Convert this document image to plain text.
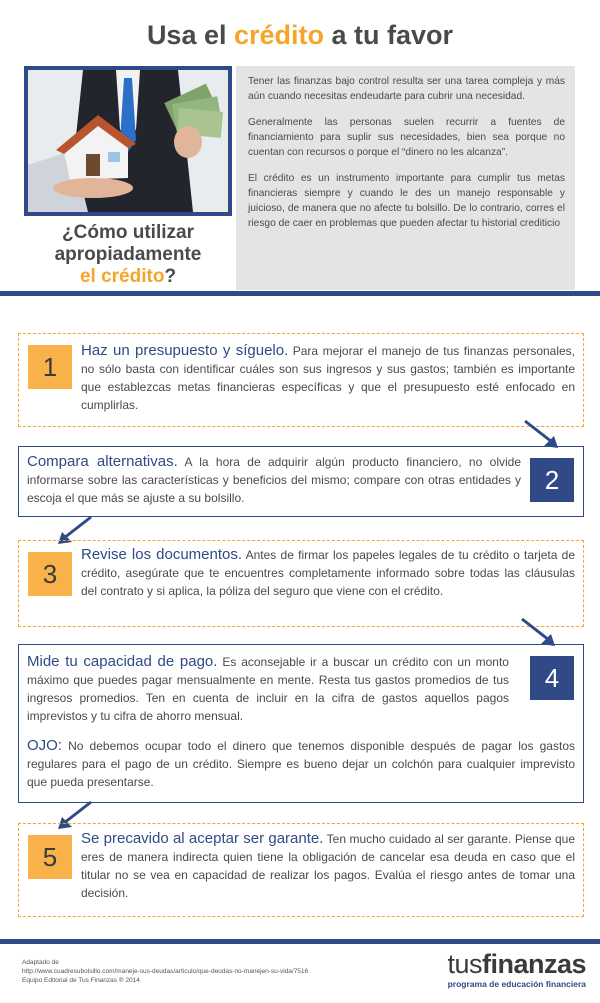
Usa el crédito a tu favor
¿Cómo utilizar
apropiadamente
el crédito?

Tener las finanzas bajo control resulta ser una tarea compleja y más aún cuando necesitas endeudarte para cubrir una necesidad.

Generalmente las personas suelen recurrir a fuentes de financiamiento para suplir sus necesidades, bien sea porque no cuentan con recursos o porque el “dinero no les alcanza”.

El crédito es un instrumento importante para cumplir tus metas financieras siempre y cuando le des un manejo responsable y juicioso, de manera que no afecte tu bolsillo. De lo contrario, corres el riesgo de caer en problemas que pueden afectar tu historial crediticio

1
Haz un presupuesto y síguelo. Para mejorar el manejo de tus finanzas personales, no sólo basta con identificar cuáles son sus ingresos y sus gastos; también es importante que establezcas metas financieras específicas y que el presupuesto esté enfocado en cumplirlas.
Compara alternativas. A la hora de adquirir algún producto financiero, no olvide informarse sobre las características y beneficios del mismo; compare con otras entidades y escoja el que más se ajuste a su bolsillo.
2
3
Revise los documentos. Antes de firmar los papeles legales de tu crédito o tarjeta de crédito, asegúrate que te encuentres completamente informado sobre todas las cláusulas del contrato y si aplica, la póliza del seguro que viene con el crédito.
Mide tu capacidad de pago. Es aconsejable ir a buscar un crédito con un monto máximo que puedes pagar mensualmente en mente. Resta tus gastos promedios de tus ingresos promedios. Ten en cuenta de incluir en la cifra de gastos aquellos pagos imprevistos y tu cifra de ahorro mensual.
4
OJO: No debemos ocupar todo el dinero que tenemos disponible después de pagar los gastos regulares para el pago de un crédito. Siempre es bueno dejar un colchón para cualquier imprevisto que pueda presentarse.
5
Se precavido al aceptar ser garante. Ten mucho cuidado al ser garante. Piense que eres de manera indirecta quien tiene la obligación de cancelar esa deuda en caso que el titular no se vea en capacidad de realizar los pagos. Evalúa el riesgo antes de tomar una decisión.
Adaptado de
http://www.cuadresubolsillo.com/maneje-sus-deudas/articulo/que-deudas-no-manejen-su-vida/7516
Equipo Editorial de Tus Finanzas ® 2014
tusfinanzas
programa de educación financiera
